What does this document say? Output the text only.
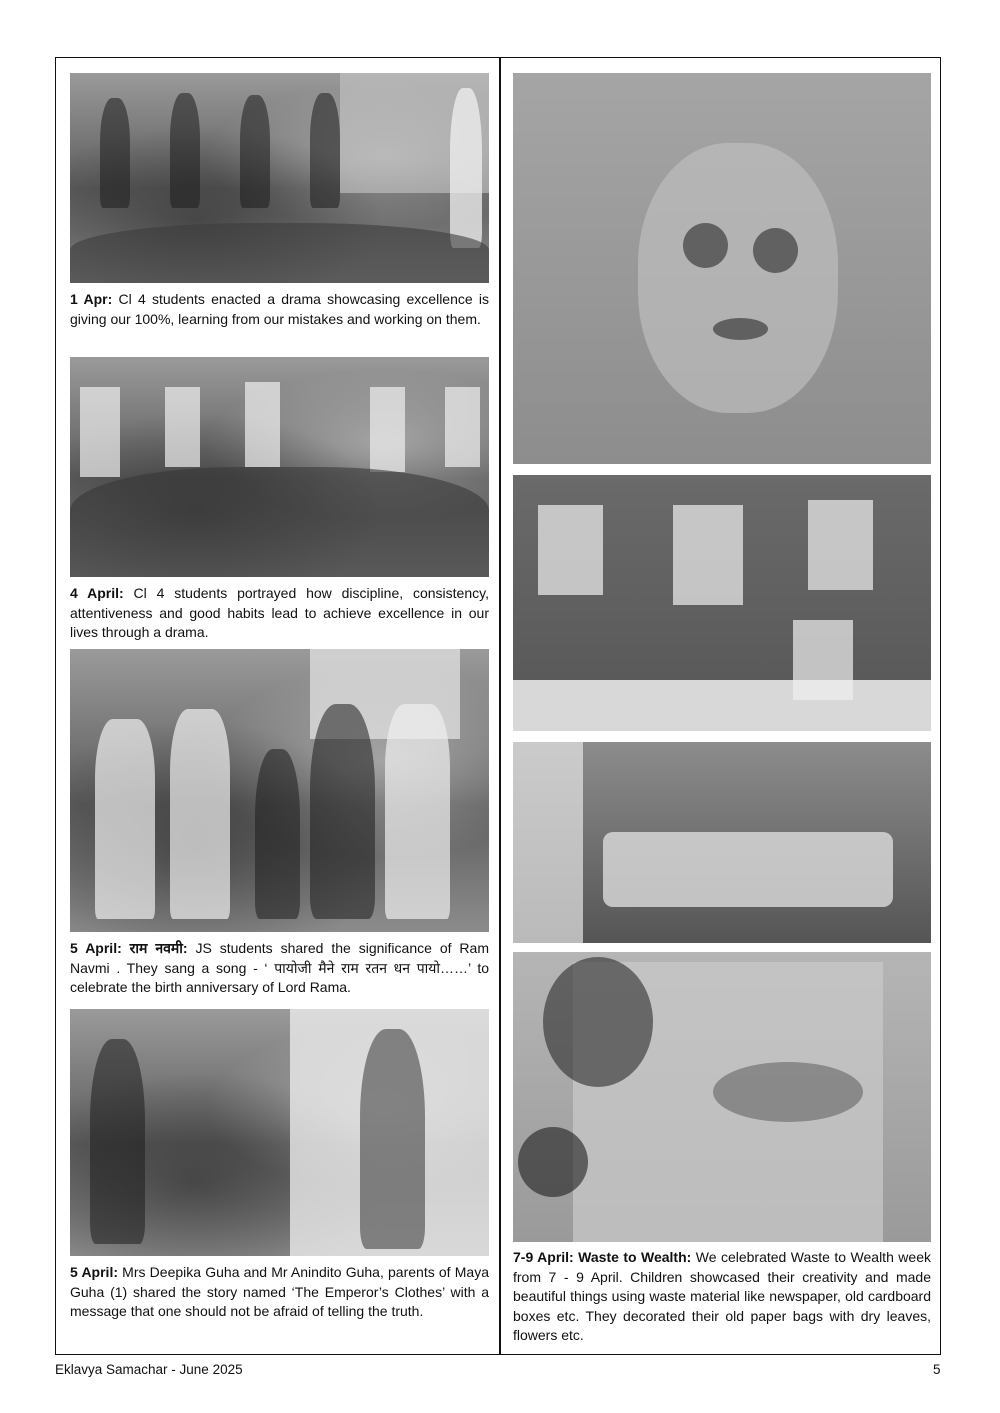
1 Apr: Cl 4 students enacted a drama showcasing excellence is giving our 100%, learning from our mistakes and working on them.
4 April: Cl 4 students portrayed how discipline, consistency, attentiveness and good habits lead to achieve excellence in our lives through a drama.
5 April: राम नवमी: JS students shared the significance of Ram Navmi . They sang a song - ‘ पायोजी मैने राम रतन धन पायो……’ to celebrate the birth anniversary of Lord Rama.
5 April: Mrs Deepika Guha and Mr Anindito Guha, parents of Maya Guha (1) shared the story named ‘The Emperor’s Clothes’ with a message that one should not be afraid of telling the truth.
7-9 April: Waste to Wealth: We celebrated Waste to Wealth week from 7 - 9 April. Children showcased their creativity and made beautiful things using waste material like newspaper, old cardboard boxes etc. They decorated their old paper bags with dry leaves, flowers etc.
Eklavya Samachar - June 2025	5
